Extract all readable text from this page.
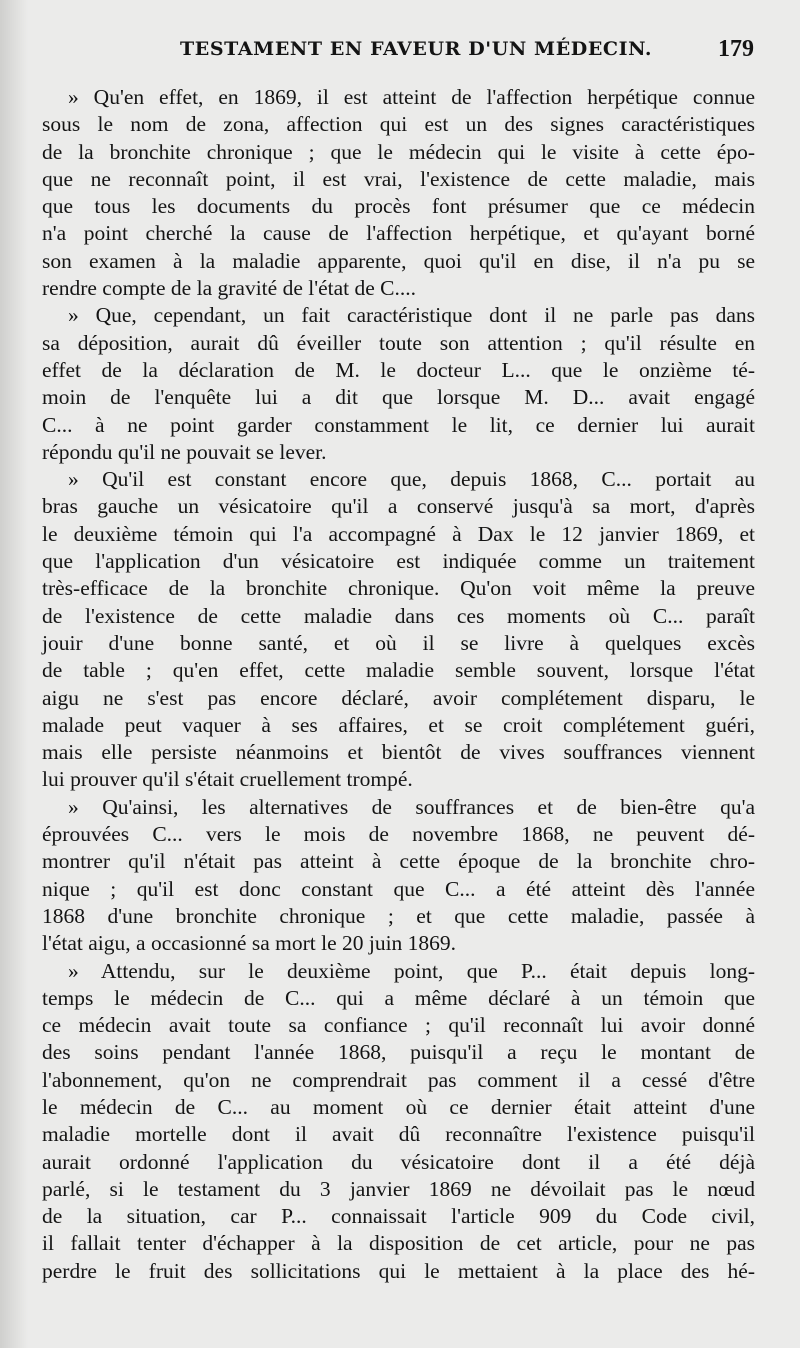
TESTAMENT EN FAVEUR D'UN MÉDECIN.	179
» Qu'en effet, en 1869, il est atteint de l'affection herpétique connue
sous le nom de zona, affection qui est un des signes caractéristiques
de la bronchite chronique ; que le médecin qui le visite à cette épo-
que ne reconnaît point, il est vrai, l'existence de cette maladie, mais
que tous les documents du procès font présumer que ce médecin
n'a point cherché la cause de l'affection herpétique, et qu'ayant borné
son examen à la maladie apparente, quoi qu'il en dise, il n'a pu se
rendre compte de la gravité de l'état de C....
» Que, cependant, un fait caractéristique dont il ne parle pas dans
sa déposition, aurait dû éveiller toute son attention ; qu'il résulte en
effet de la déclaration de M. le docteur L... que le onzième té-
moin de l'enquête lui a dit que lorsque M. D... avait engagé
C... à ne point garder constamment le lit, ce dernier lui aurait
répondu qu'il ne pouvait se lever.
» Qu'il est constant encore que, depuis 1868, C... portait au
bras gauche un vésicatoire qu'il a conservé jusqu'à sa mort, d'après
le deuxième témoin qui l'a accompagné à Dax le 12 janvier 1869, et
que l'application d'un vésicatoire est indiquée comme un traitement
très-efficace de la bronchite chronique. Qu'on voit même la preuve
de l'existence de cette maladie dans ces moments où C... paraît
jouir d'une bonne santé, et où il se livre à quelques excès
de table ; qu'en effet, cette maladie semble souvent, lorsque l'état
aigu ne s'est pas encore déclaré, avoir complétement disparu, le
malade peut vaquer à ses affaires, et se croit complétement guéri,
mais elle persiste néanmoins et bientôt de vives souffrances viennent
lui prouver qu'il s'était cruellement trompé.
» Qu'ainsi, les alternatives de souffrances et de bien-être qu'a
éprouvées C... vers le mois de novembre 1868, ne peuvent dé-
montrer qu'il n'était pas atteint à cette époque de la bronchite chro-
nique ; qu'il est donc constant que C... a été atteint dès l'année
1868 d'une bronchite chronique ; et que cette maladie, passée à
l'état aigu, a occasionné sa mort le 20 juin 1869.
» Attendu, sur le deuxième point, que P... était depuis long-
temps le médecin de C... qui a même déclaré à un témoin que
ce médecin avait toute sa confiance ; qu'il reconnaît lui avoir donné
des soins pendant l'année 1868, puisqu'il a reçu le montant de
l'abonnement, qu'on ne comprendrait pas comment il a cessé d'être
le médecin de C... au moment où ce dernier était atteint d'une
maladie mortelle dont il avait dû reconnaître l'existence puisqu'il
aurait ordonné l'application du vésicatoire dont il a été déjà
parlé, si le testament du 3 janvier 1869 ne dévoilait pas le nœud
de la situation, car P... connaissait l'article 909 du Code civil,
il fallait tenter d'échapper à la disposition de cet article, pour ne pas
perdre le fruit des sollicitations qui le mettaient à la place des hé-
